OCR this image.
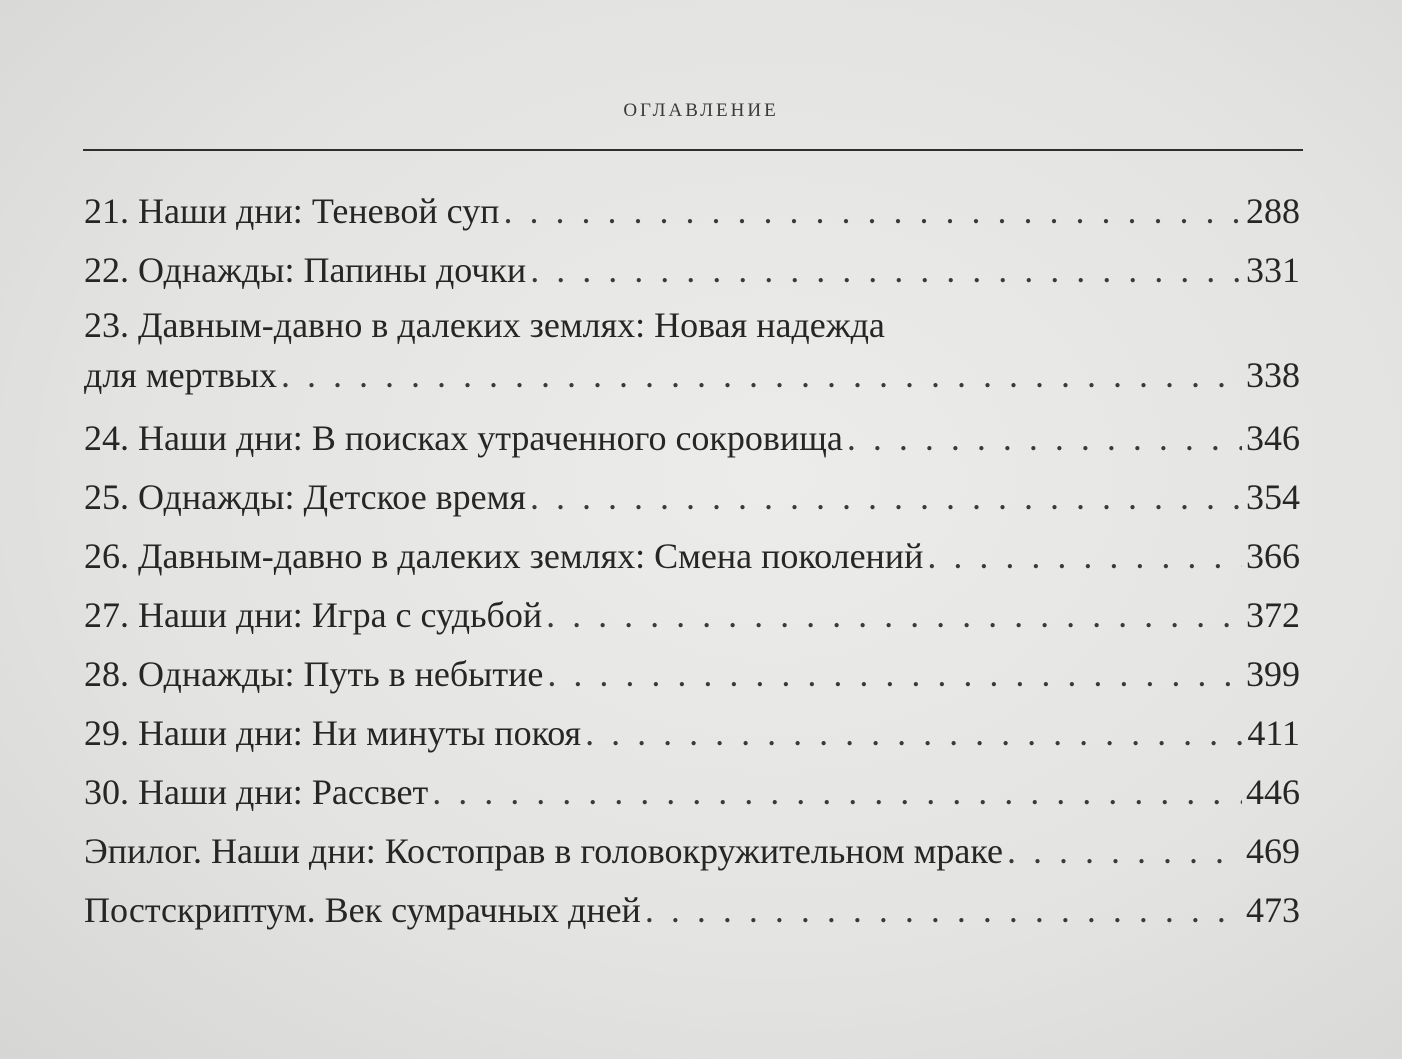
оглавление
21. Наши дни: Теневой суп . . .	288
22. Однажды: Папины дочки . . .	331
23. Давным-давно в далеких землях: Новая надежда
для мертвых . . .	338
24. Наши дни: В поисках утраченного сокровища . . .	346
25. Однажды: Детское время . . .	354
26. Давным-давно в далеких землях: Смена поколений . . .	366
27. Наши дни: Игра с судьбой . . .	372
28. Однажды: Путь в небытие . . .	399
29. Наши дни: Ни минуты покоя . . .	411
30. Наши дни: Рассвет . . .	446
Эпилог. Наши дни: Костоправ в головокружительном мраке . . .	469
Постскриптум. Век сумрачных дней . . .	473
